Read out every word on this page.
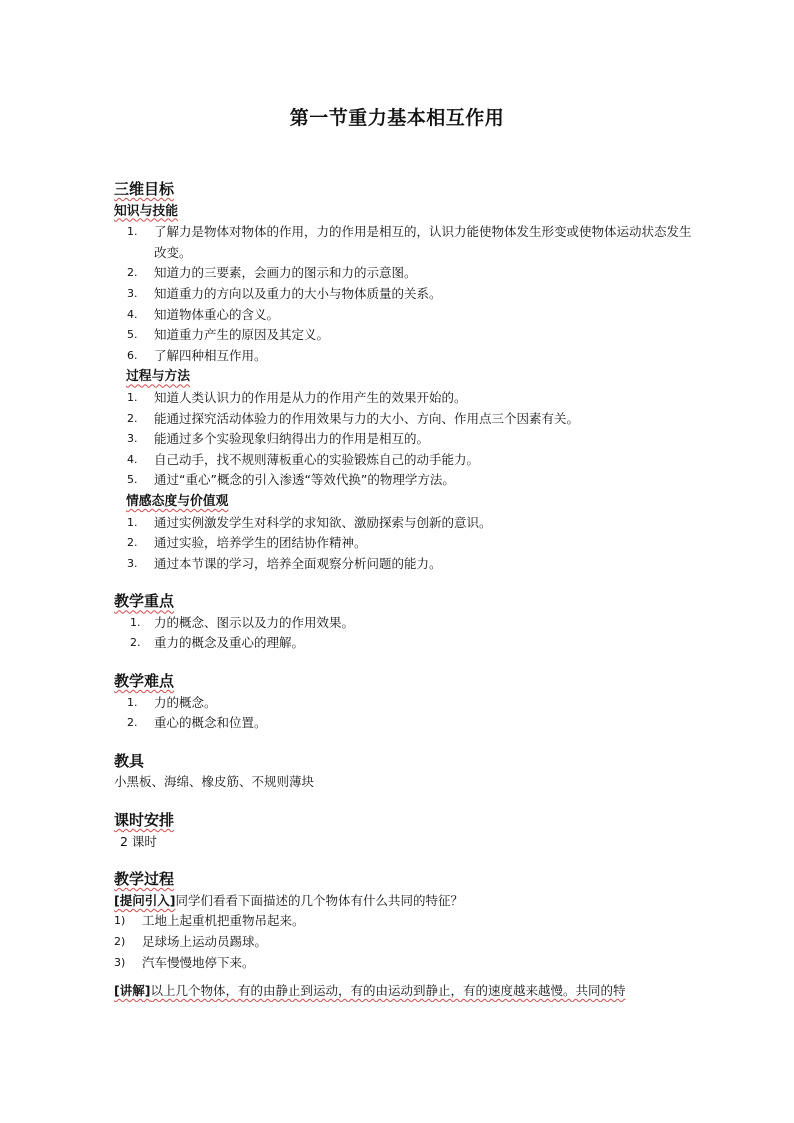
第一节重力基本相互作用
三维目标
知识与技能
1. 了解力是物体对物体的作用，力的作用是相互的，认识力能使物体发生形变或使物体运动状态发生改变。
2. 知道力的三要素，会画力的图示和力的示意图。
3. 知道重力的方向以及重力的大小与物体质量的关系。
4. 知道物体重心的含义。
5. 知道重力产生的原因及其定义。
6. 了解四种相互作用。
过程与方法
1. 知道人类认识力的作用是从力的作用产生的效果开始的。
2. 能通过探究活动体验力的作用效果与力的大小、方向、作用点三个因素有关。
3. 能通过多个实验现象归纳得出力的作用是相互的。
4. 自己动手，找不规则薄板重心的实验锻炼自己的动手能力。
5. 通过“重心”概念的引入渗透“等效代换”的物理学方法。
情感态度与价值观
1. 通过实例激发学生对科学的求知欲、激励探索与创新的意识。
2. 通过实验，培养学生的团结协作精神。
3. 通过本节课的学习，培养全面观察分析问题的能力。
教学重点
1. 力的概念、图示以及力的作用效果。
2. 重力的概念及重心的理解。
教学难点
1. 力的概念。
2. 重心的概念和位置。
教具

小黑板、海绵、橡皮筋、不规则薄块

课时安排

2 课时

教学过程

[提问引入]同学们看看下面描述的几个物体有什么共同的特征？

1) 工地上起重机把重物吊起来。
2) 足球场上运动员踢球。
3) 汽车慢慢地停下来。

[讲解]以上几个物体，有的由静止到运动，有的由运动到静止，有的速度越来越慢。共同的特
